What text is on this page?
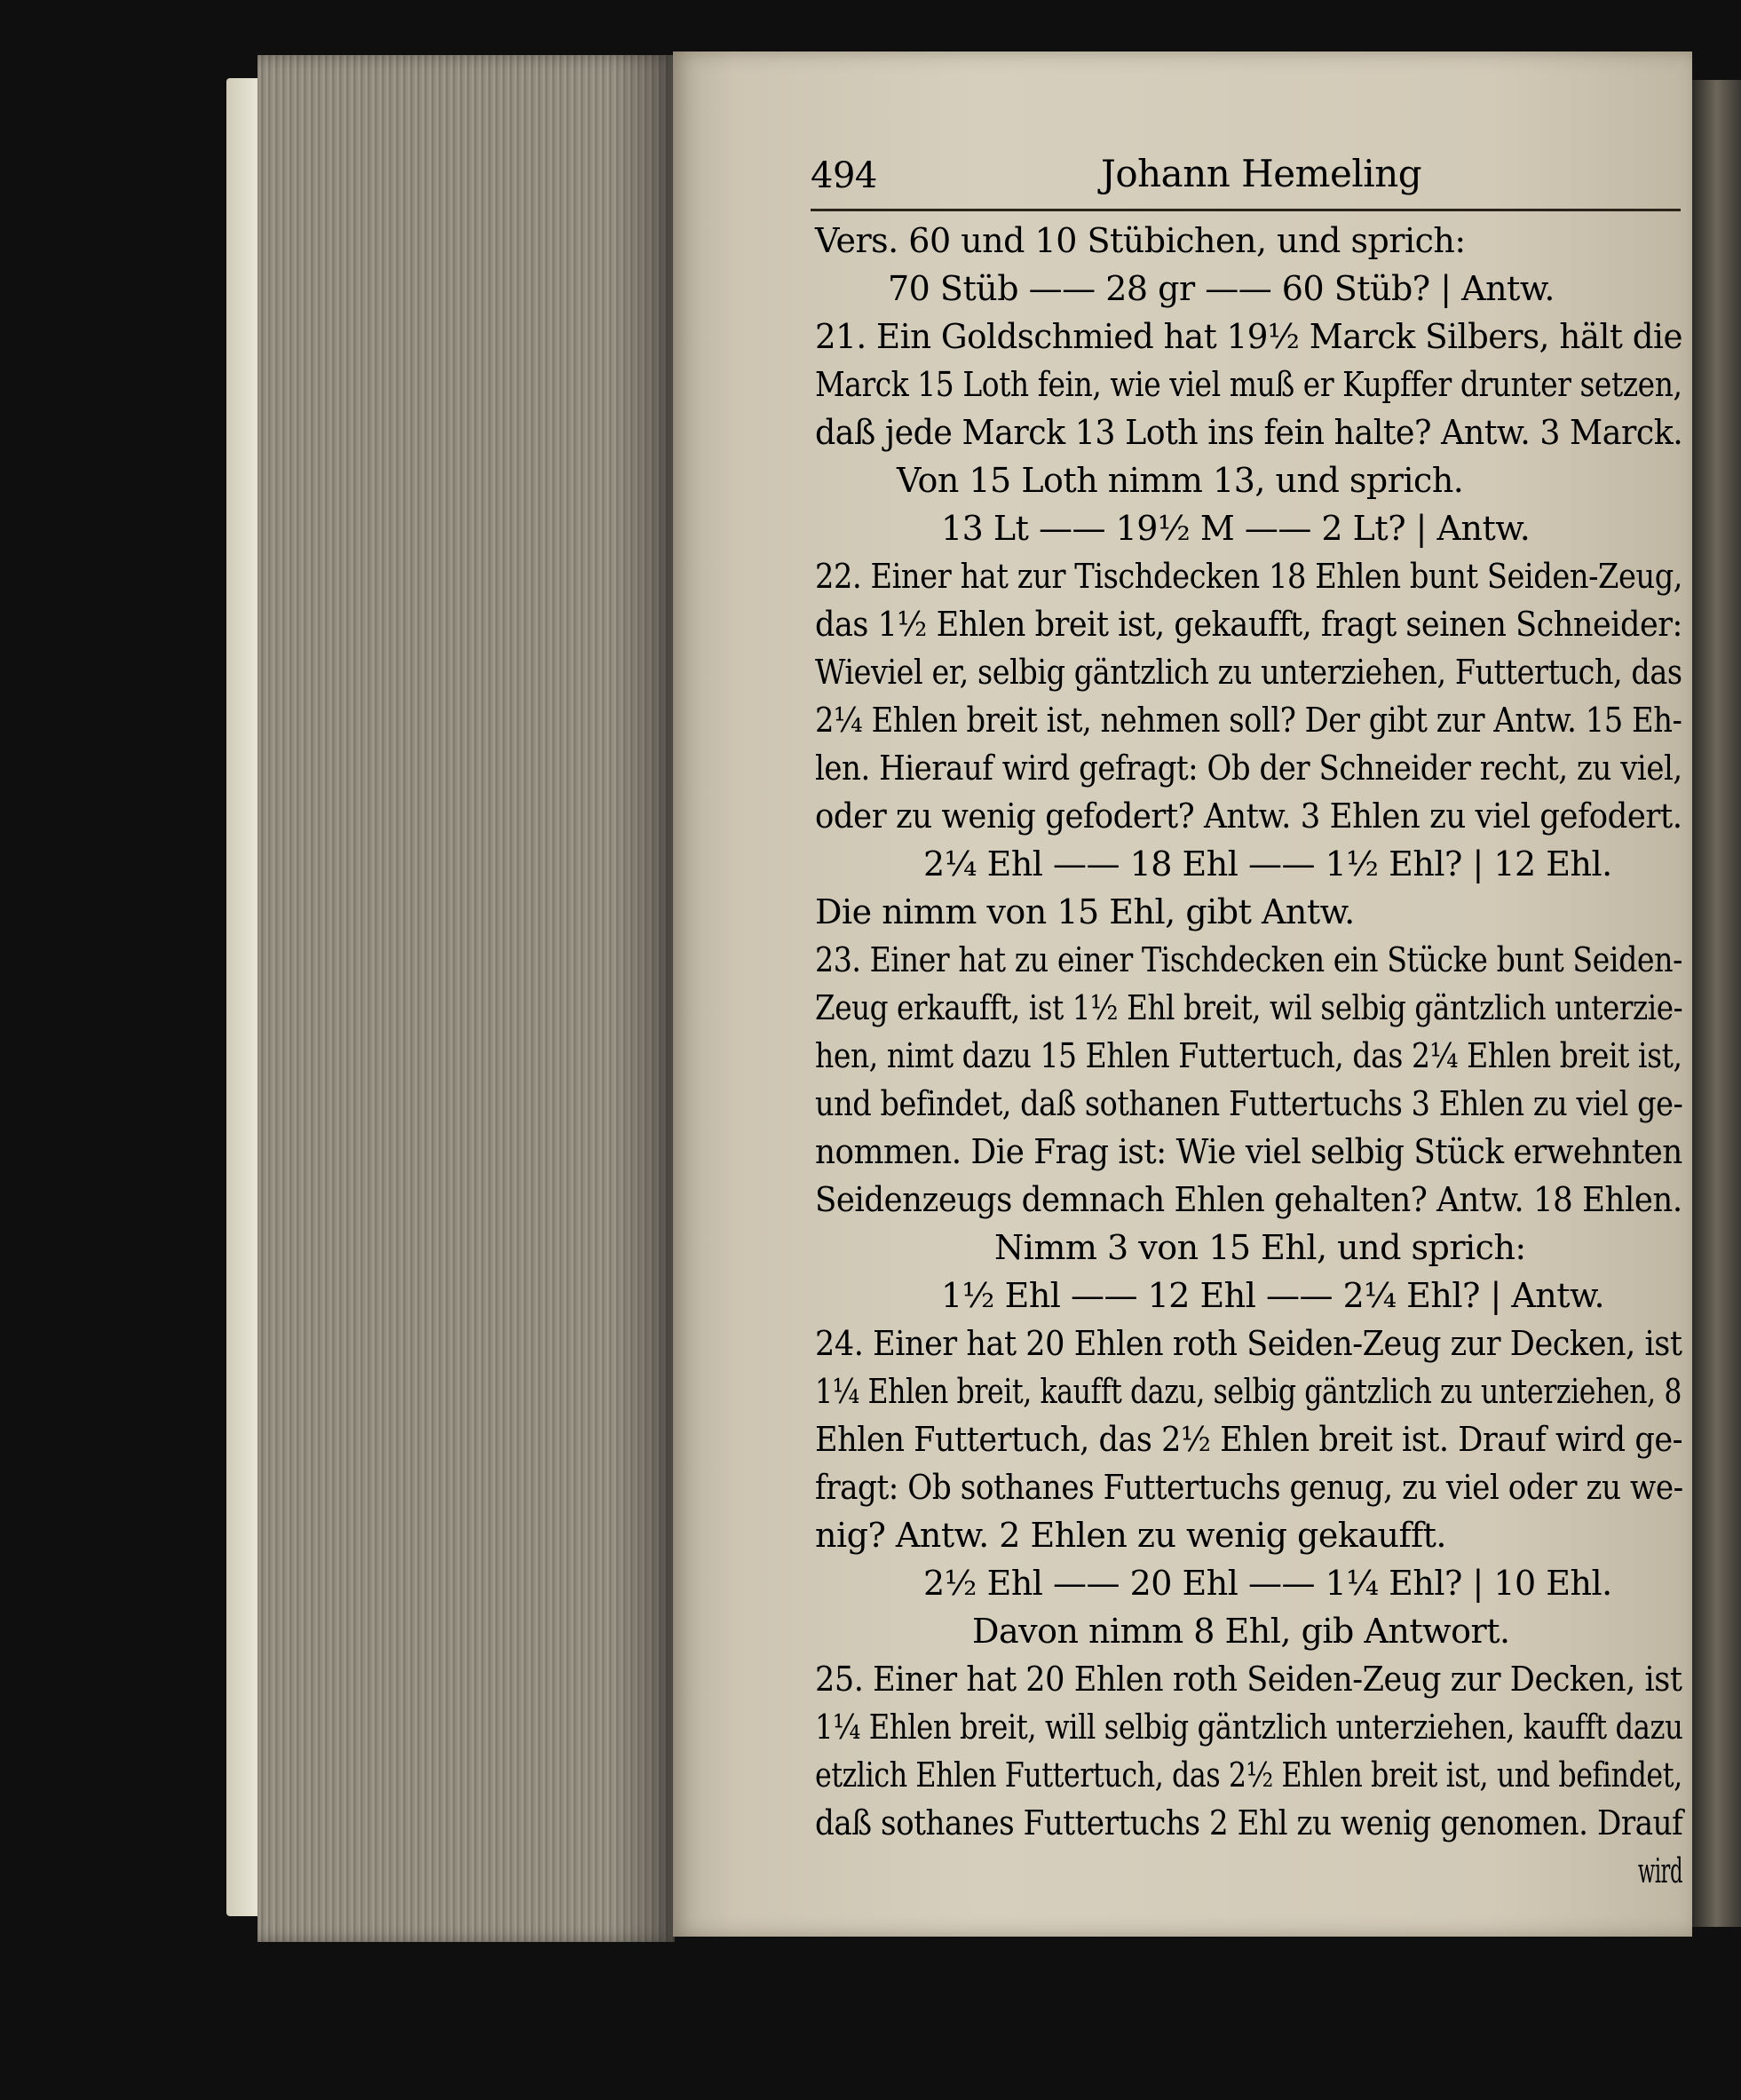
494	Johann Hemeling
Vers. 60 und 10 Stübichen, und sprich:
70 Stüb —— 28 gr —— 60 Stüb? | Antw.
21. Ein Goldschmied hat 19½ Marck Silbers, hält die
Marck 15 Loth fein, wie viel muß er Kupffer drunter setzen,
daß jede Marck 13 Loth ins fein halte? Antw. 3 Marck.
Von 15 Loth nimm 13, und sprich.
13 Lt —— 19½ M —— 2 Lt? | Antw.
22. Einer hat zur Tischdecken 18 Ehlen bunt Seiden-Zeug,
das 1½ Ehlen breit ist, gekaufft, fragt seinen Schneider:
Wieviel er, selbig gäntzlich zu unterziehen, Futtertuch, das
2¼ Ehlen breit ist, nehmen soll? Der gibt zur Antw. 15 Eh-
len. Hierauf wird gefragt: Ob der Schneider recht, zu viel,
oder zu wenig gefodert? Antw. 3 Ehlen zu viel gefodert.
2¼ Ehl —— 18 Ehl —— 1½ Ehl? | 12 Ehl.
Die nimm von 15 Ehl, gibt Antw.
23. Einer hat zu einer Tischdecken ein Stücke bunt Seiden-
Zeug erkaufft, ist 1½ Ehl breit, wil selbig gäntzlich unterzie-
hen, nimt dazu 15 Ehlen Futtertuch, das 2¼ Ehlen breit ist,
und befindet, daß sothanen Futtertuchs 3 Ehlen zu viel ge-
nommen. Die Frag ist: Wie viel selbig Stück erwehnten
Seidenzeugs demnach Ehlen gehalten? Antw. 18 Ehlen.
Nimm 3 von 15 Ehl, und sprich:
1½ Ehl —— 12 Ehl —— 2¼ Ehl? | Antw.
24. Einer hat 20 Ehlen roth Seiden-Zeug zur Decken, ist
1¼ Ehlen breit, kaufft dazu, selbig gäntzlich zu unterziehen, 8
Ehlen Futtertuch, das 2½ Ehlen breit ist. Drauf wird ge-
fragt: Ob sothanes Futtertuchs genug, zu viel oder zu we-
nig? Antw. 2 Ehlen zu wenig gekaufft.
2½ Ehl —— 20 Ehl —— 1¼ Ehl? | 10 Ehl.
Davon nimm 8 Ehl, gib Antwort.
25. Einer hat 20 Ehlen roth Seiden-Zeug zur Decken, ist
1¼ Ehlen breit, will selbig gäntzlich unterziehen, kaufft dazu
etzlich Ehlen Futtertuch, das 2½ Ehlen breit ist, und befindet,
daß sothanes Futtertuchs 2 Ehl zu wenig genomen. Drauf
wird
